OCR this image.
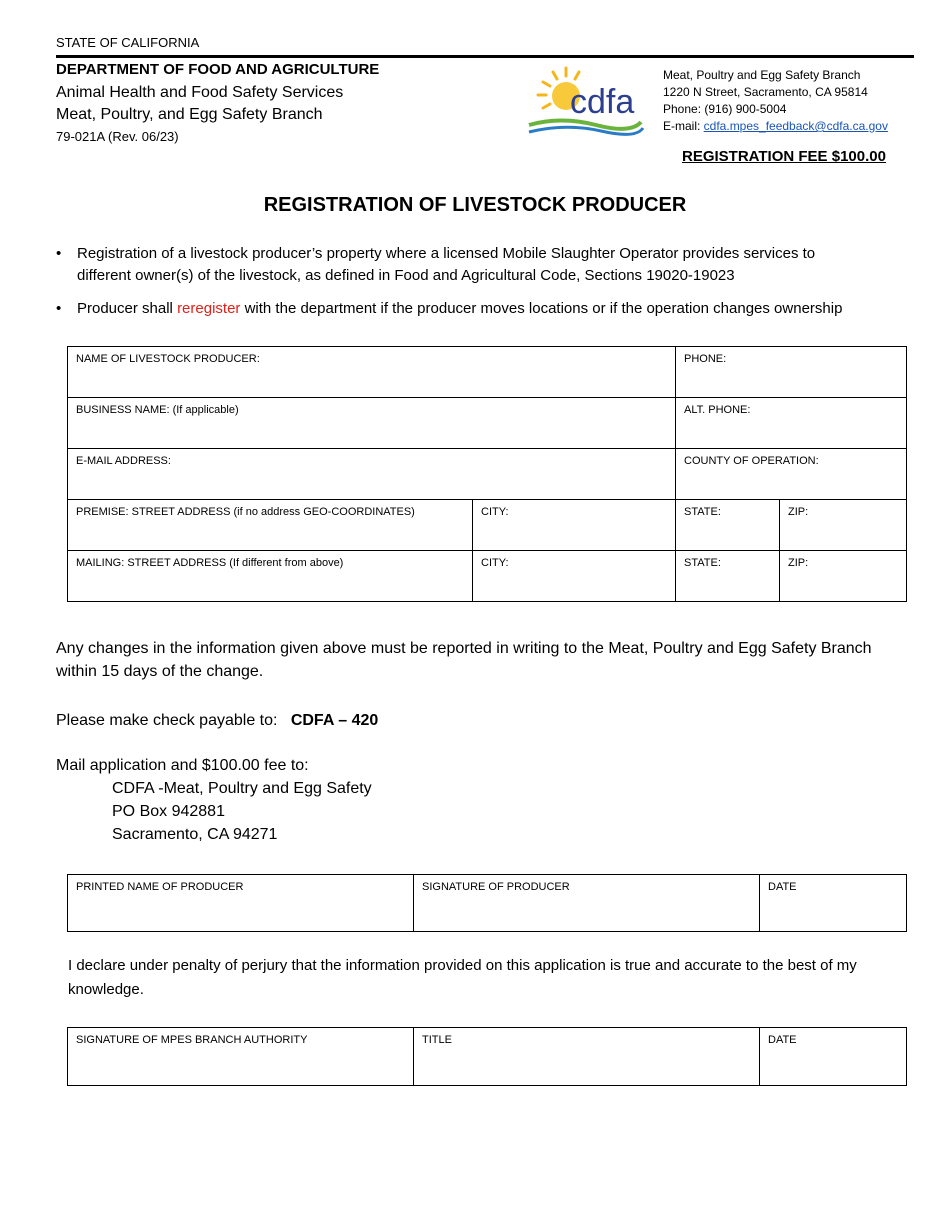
STATE OF CALIFORNIA
DEPARTMENT OF FOOD AND AGRICULTURE
Animal Health and Food Safety Services
Meat, Poultry, and Egg Safety Branch
79-021A (Rev. 06/23)
cdfa
Meat, Poultry and Egg Safety Branch
1220 N Street, Sacramento, CA 95814
Phone: (916) 900-5004
E-mail: cdfa.mpes_feedback@cdfa.ca.gov
REGISTRATION FEE $100.00
REGISTRATION OF LIVESTOCK PRODUCER
• Registration of a livestock producer’s property where a licensed Mobile Slaughter Operator provides services to different owner(s) of the livestock, as defined in Food and Agricultural Code, Sections 19020-19023
• Producer shall reregister with the department if the producer moves locations or if the operation changes ownership
NAME OF LIVESTOCK PRODUCER:		PHONE:	
BUSINESS NAME: (If applicable)		ALT. PHONE:	
E-MAIL ADDRESS:		COUNTY OF OPERATION:	
PREMISE: STREET ADDRESS (if no address GEO-COORDINATES)	CITY:	STATE:	ZIP:
MAILING: STREET ADDRESS (If different from above)	CITY:	STATE:	ZIP:
Any changes in the information given above must be reported in writing to the Meat, Poultry and Egg Safety Branch within 15 days of the change.
Please make check payable to: CDFA – 420
Mail application and $100.00 fee to:
CDFA -Meat, Poultry and Egg Safety
PO Box 942881
Sacramento, CA 94271
PRINTED NAME OF PRODUCER	SIGNATURE OF PRODUCER	DATE
I declare under penalty of perjury that the information provided on this application is true and accurate to the best of my knowledge.
SIGNATURE OF MPES BRANCH AUTHORITY	TITLE	DATE
